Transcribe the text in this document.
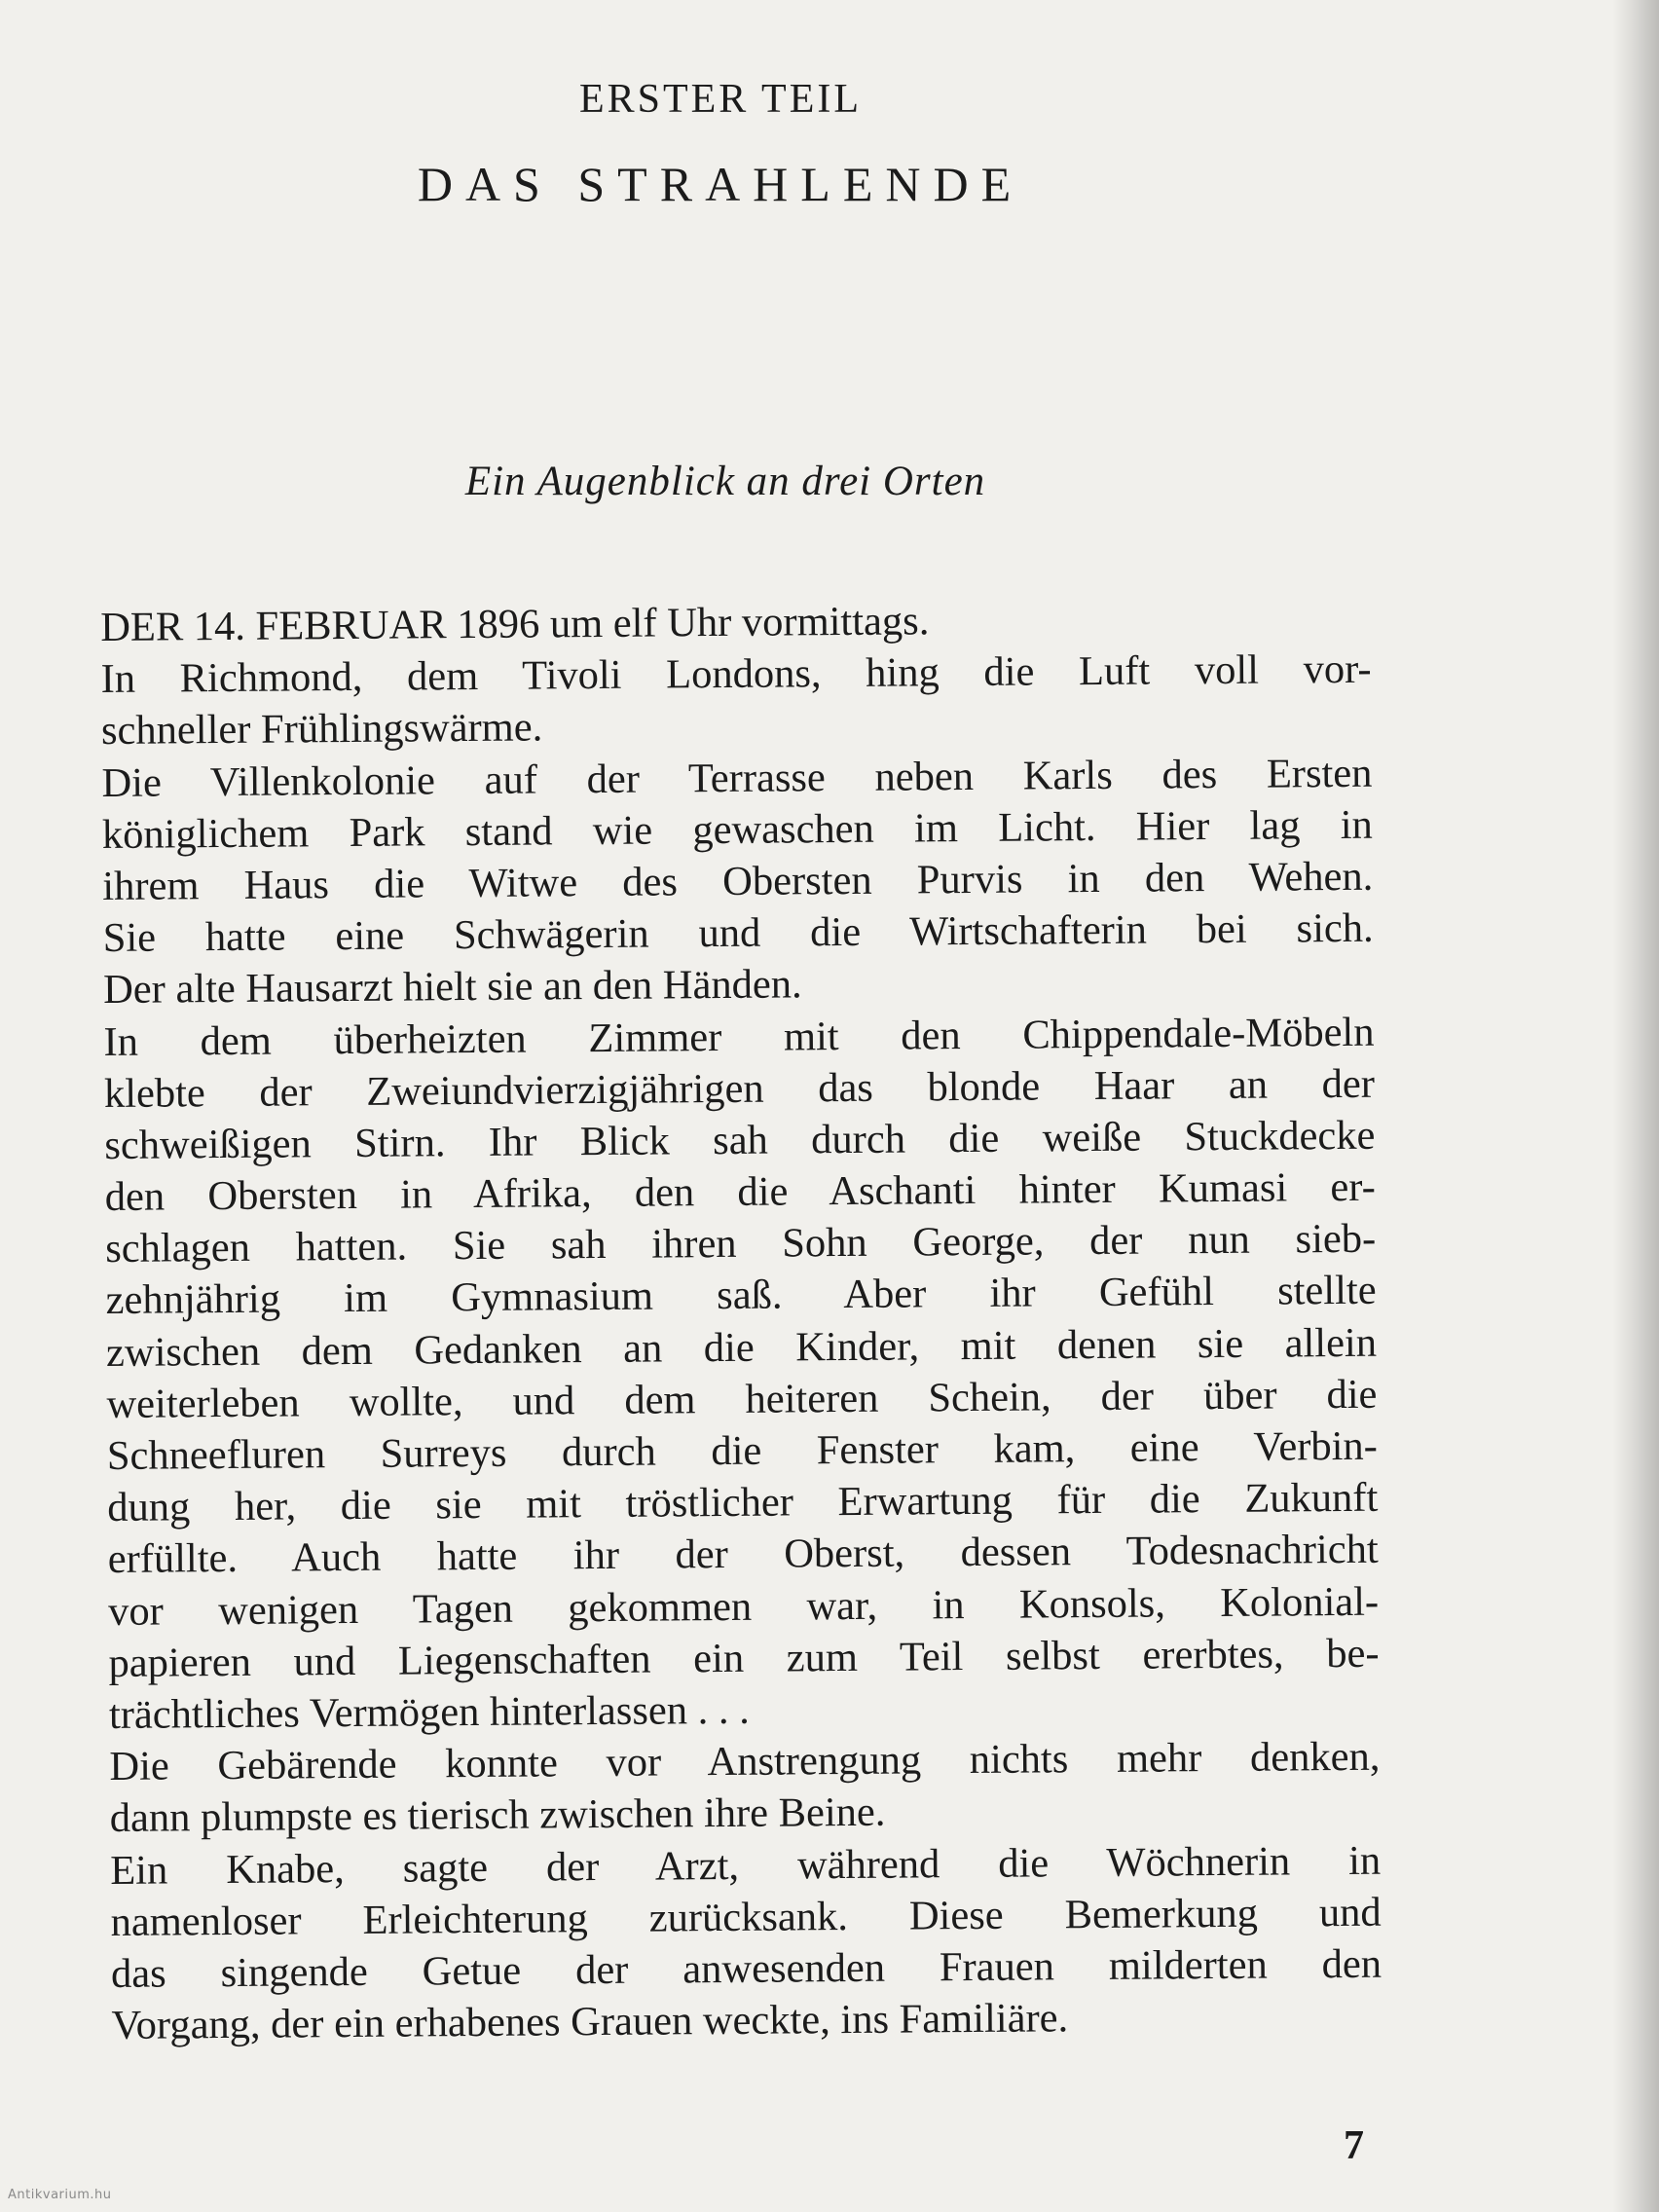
ERSTER TEIL
DAS STRAHLENDE
Ein Augenblick an drei Orten
DER 14. FEBRUAR 1896 um elf Uhr vormittags.
In Richmond, dem Tivoli Londons, hing die Luft voll vor-
schneller Frühlingswärme.
Die Villenkolonie auf der Terrasse neben Karls des Ersten
königlichem Park stand wie gewaschen im Licht. Hier lag in
ihrem Haus die Witwe des Obersten Purvis in den Wehen.
Sie hatte eine Schwägerin und die Wirtschafterin bei sich.
Der alte Hausarzt hielt sie an den Händen.
In dem überheizten Zimmer mit den Chippendale-Möbeln
klebte der Zweiundvierzigjährigen das blonde Haar an der
schweißigen Stirn. Ihr Blick sah durch die weiße Stuckdecke
den Obersten in Afrika, den die Aschanti hinter Kumasi er-
schlagen hatten. Sie sah ihren Sohn George, der nun sieb-
zehnjährig im Gymnasium saß. Aber ihr Gefühl stellte
zwischen dem Gedanken an die Kinder, mit denen sie allein
weiterleben wollte, und dem heiteren Schein, der über die
Schneefluren Surreys durch die Fenster kam, eine Verbin-
dung her, die sie mit tröstlicher Erwartung für die Zukunft
erfüllte. Auch hatte ihr der Oberst, dessen Todesnachricht
vor wenigen Tagen gekommen war, in Konsols, Kolonial-
papieren und Liegenschaften ein zum Teil selbst ererbtes, be-
trächtliches Vermögen hinterlassen . . .
Die Gebärende konnte vor Anstrengung nichts mehr denken,
dann plumpste es tierisch zwischen ihre Beine.
Ein Knabe, sagte der Arzt, während die Wöchnerin in
namenloser Erleichterung zurücksank. Diese Bemerkung und
das singende Getue der anwesenden Frauen milderten den
Vorgang, der ein erhabenes Grauen weckte, ins Familiäre.
7
Antikvarium.hu
